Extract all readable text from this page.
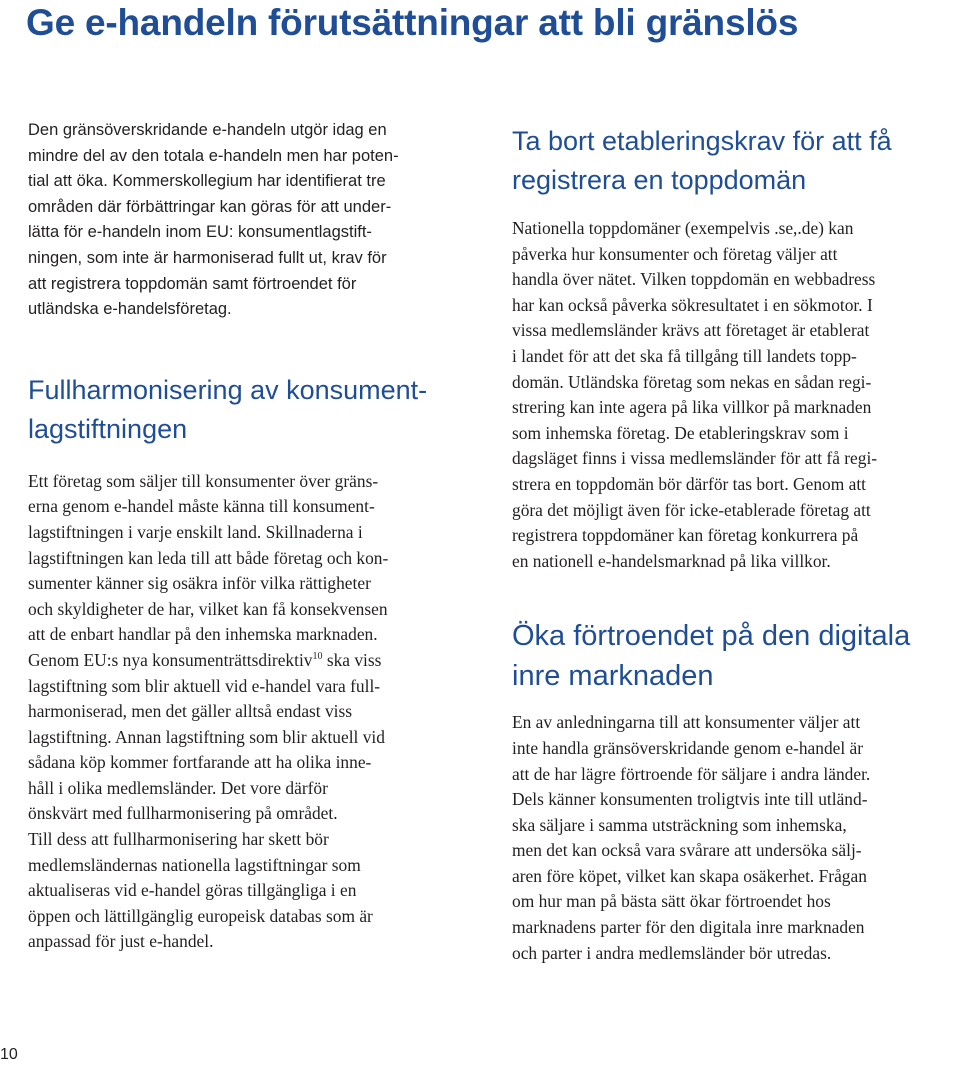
Ge e-handeln förutsättningar att bli gränslös

Den gränsöverskridande e-handeln utgör idag en
mindre del av den totala e-handeln men har poten-
tial att öka. Kommerskollegium har identifierat tre
områden där förbättringar kan göras för att under-
lätta för e-handeln inom EU: konsumentlagstift-
ningen, som inte är harmoniserad fullt ut, krav för
att registrera toppdomän samt förtroendet för
utländska e-handelsföretag.

Fullharmonisering av konsument-
lagstiftningen

Ett företag som säljer till konsumenter över gräns-
erna genom e-handel måste känna till konsument-
lagstiftningen i varje enskilt land. Skillnaderna i
lagstiftningen kan leda till att både företag och kon-
sumenter känner sig osäkra inför vilka rättigheter
och skyldigheter de har, vilket kan få konsekvensen
att de enbart handlar på den inhemska marknaden.
Genom EU:s nya konsumenträttsdirektiv$^{10}$ ska viss
lagstiftning som blir aktuell vid e-handel vara full-
harmoniserad, men det gäller alltså endast viss
lagstiftning. Annan lagstiftning som blir aktuell vid
sådana köp kommer fortfarande att ha olika inne-
håll i olika medlemsländer. Det vore därför
önskvärt med fullharmonisering på området.
Till dess att fullharmonisering har skett bör
medlemsländernas nationella lagstiftningar som
aktualiseras vid e-handel göras tillgängliga i en
öppen och lättillgänglig europeisk databas som är
anpassad för just e-handel.

Ta bort etableringskrav för att få
registrera en toppdomän

Nationella toppdomäner (exempelvis .se,.de) kan
påverka hur konsumenter och företag väljer att
handla över nätet. Vilken toppdomän en webbadress
har kan också påverka sökresultatet i en sökmotor. I
vissa medlemsländer krävs att företaget är etablerat
i landet för att det ska få tillgång till landets topp-
domän. Utländska företag som nekas en sådan regi-
strering kan inte agera på lika villkor på marknaden
som inhemska företag. De etableringskrav som i
dagsläget finns i vissa medlemsländer för att få regi-
strera en toppdomän bör därför tas bort. Genom att
göra det möjligt även för icke-etablerade företag att
registrera toppdomäner kan företag konkurrera på
en nationell e-handelsmarknad på lika villkor.

Öka förtroendet på den digitala
inre marknaden

En av anledningarna till att konsumenter väljer att
inte handla gränsöverskridande genom e-handel är
att de har lägre förtroende för säljare i andra länder.
Dels känner konsumenten troligtvis inte till utländ-
ska säljare i samma utsträckning som inhemska,
men det kan också vara svårare att undersöka sälj-
aren före köpet, vilket kan skapa osäkerhet. Frågan
om hur man på bästa sätt ökar förtroendet hos
marknadens parter för den digitala inre marknaden
och parter i andra medlemsländer bör utredas.

10
